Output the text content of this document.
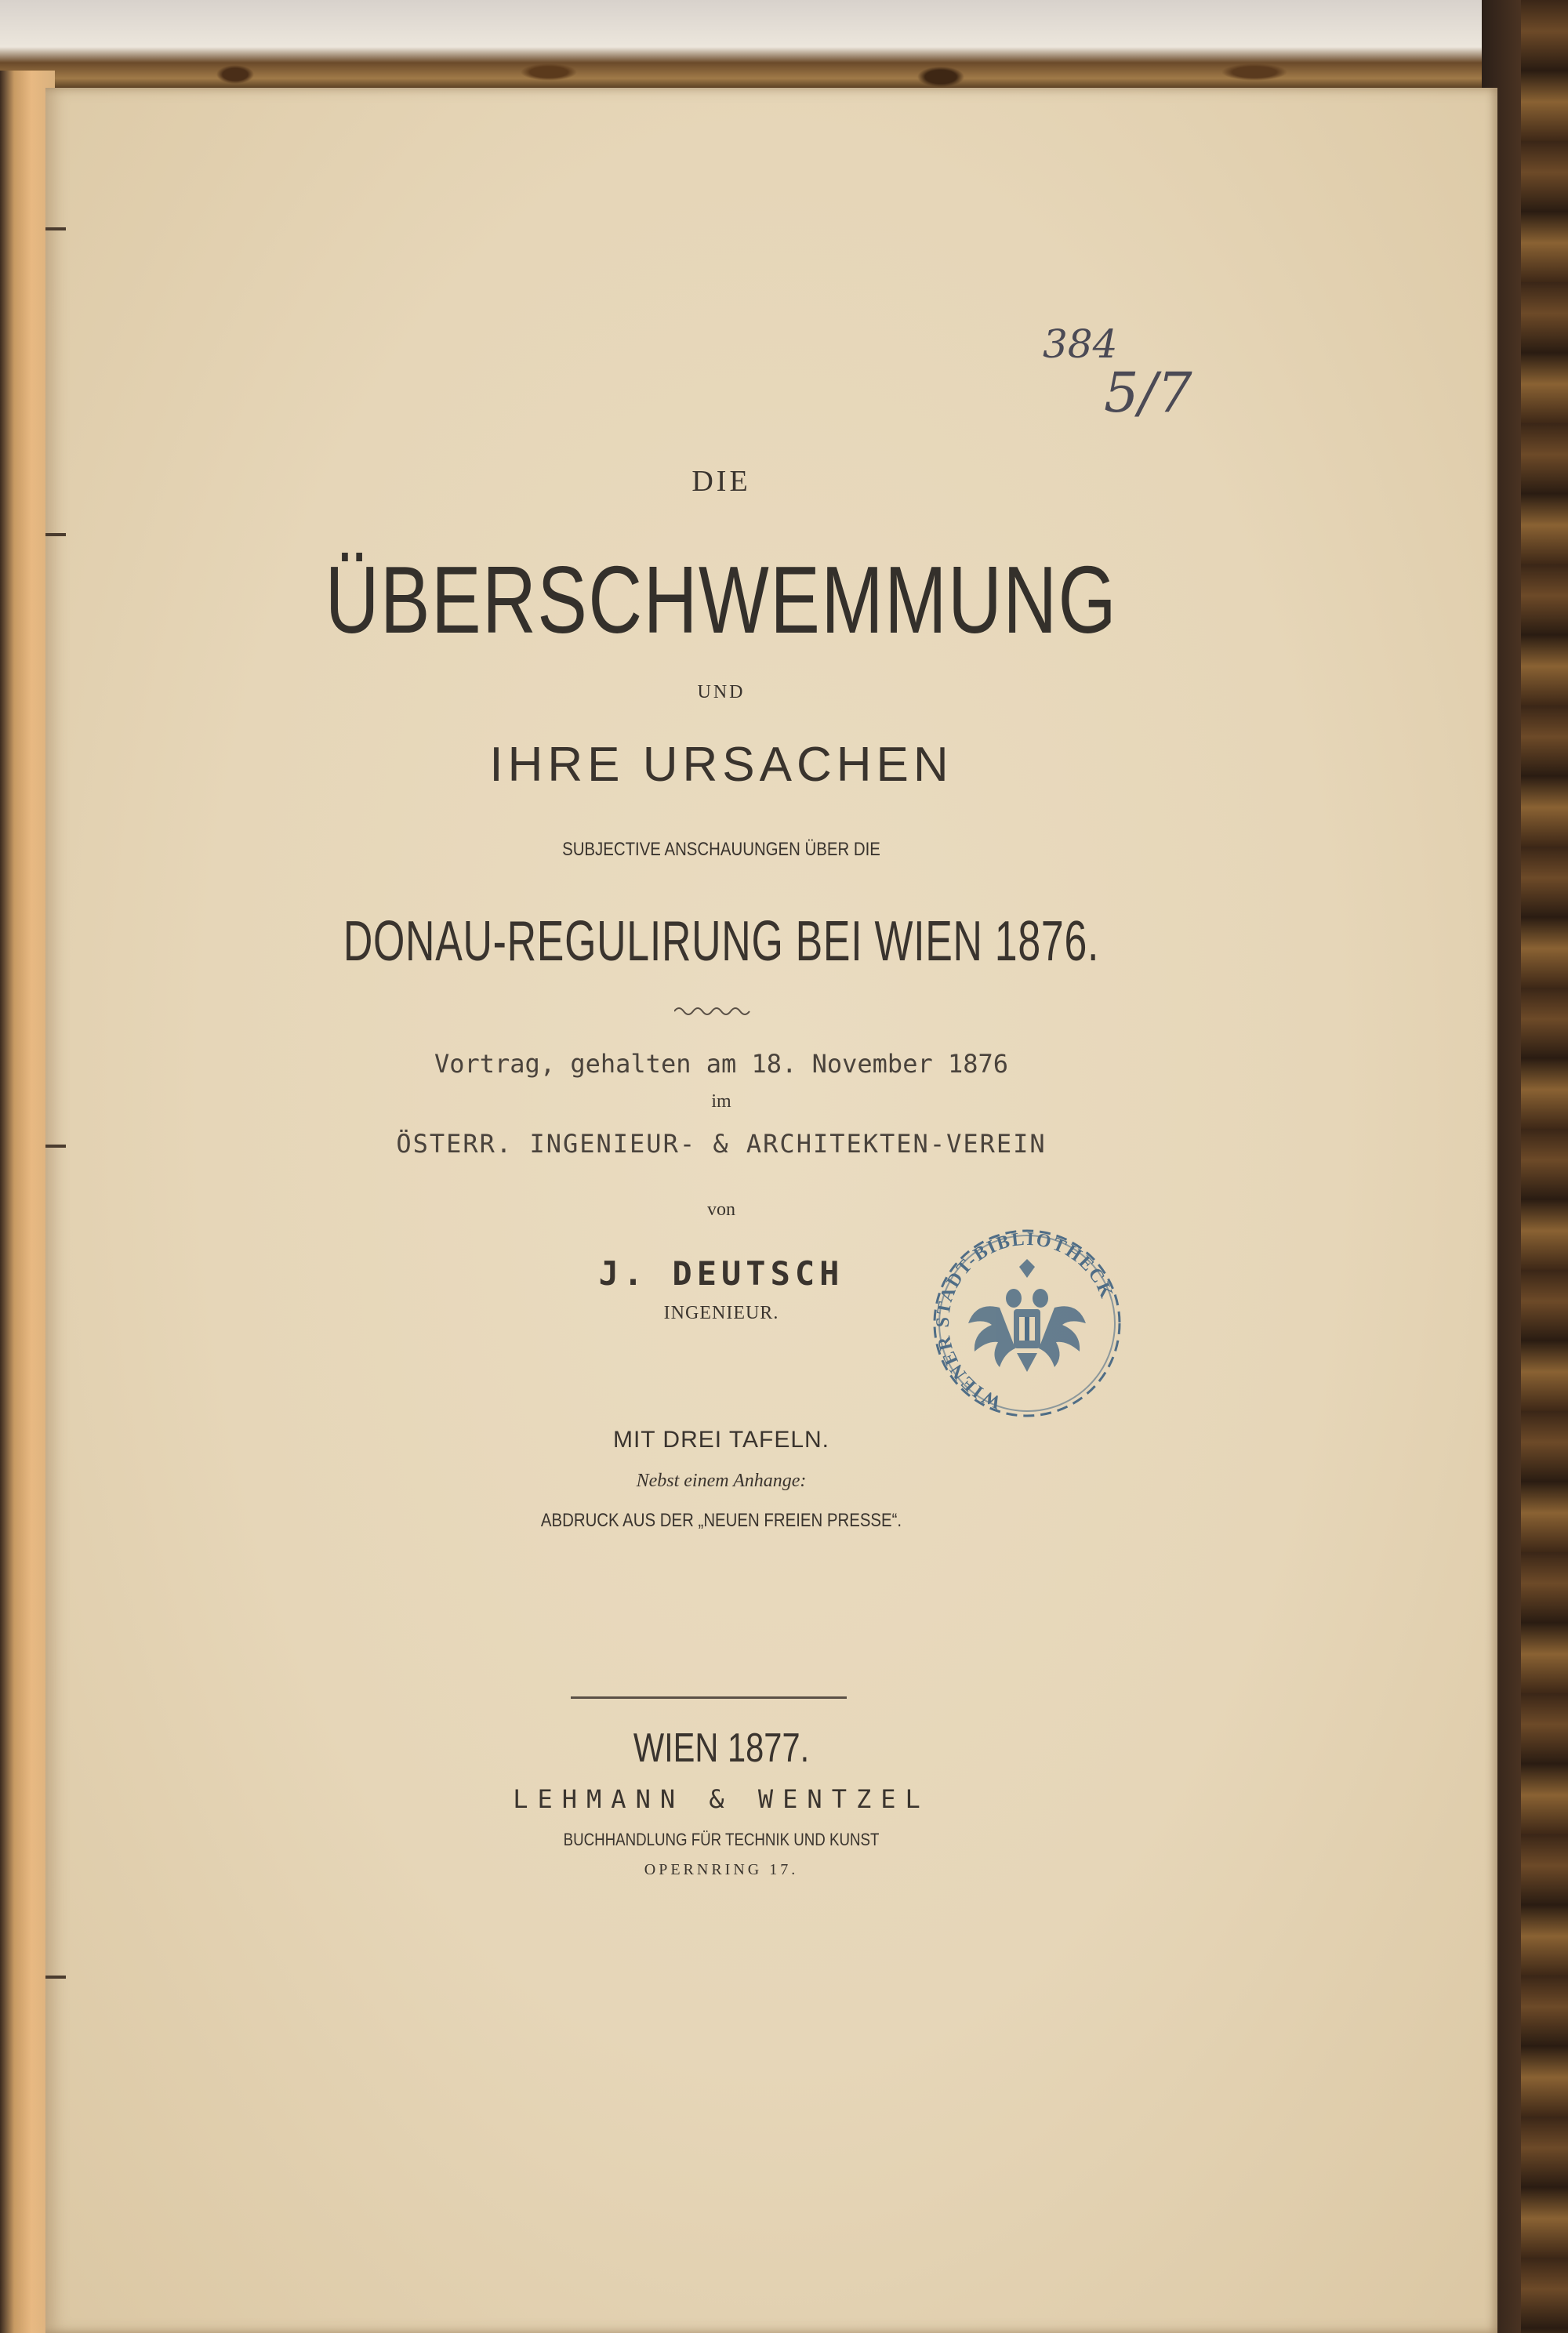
384
5/7
DIE
ÜBERSCHWEMMUNG
UND
IHRE URSACHEN
SUBJECTIVE ANSCHAUUNGEN ÜBER DIE
DONAU-REGULIRUNG BEI WIEN 1876.
Vortrag, gehalten am 18. November 1876
im
ÖSTERR. INGENIEUR- & ARCHITEKTEN-VEREIN
von
J. DEUTSCH
INGENIEUR.
MIT DREI TAFELN.
Nebst einem Anhange:
ABDRUCK AUS DER „NEUEN FREIEN PRESSE“.
WIEN 1877.
LEHMANN & WENTZEL
BUCHHANDLUNG FÜR TECHNIK UND KUNST
OPERNRING 17.
WIENER STADT-BIBLIOTHECK
